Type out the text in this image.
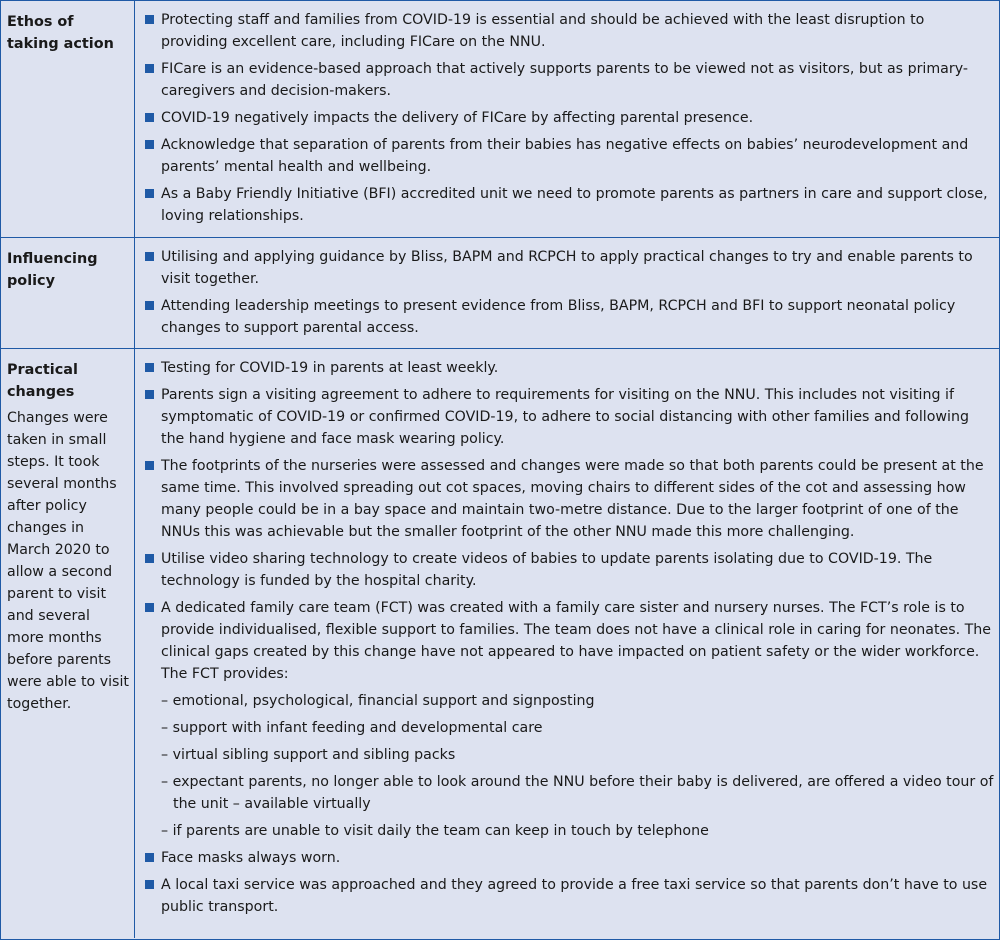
Ethos of taking action
Protecting staff and families from COVID-19 is essential and should be achieved with the least disruption to providing excellent care, including FICare on the NNU.
FICare is an evidence-based approach that actively supports parents to be viewed not as visitors, but as primary-caregivers and decision-makers.
COVID-19 negatively impacts the delivery of FICare by affecting parental presence.
Acknowledge that separation of parents from their babies has negative effects on babies’ neurodevelopment and parents’ mental health and wellbeing.
As a Baby Friendly Initiative (BFI) accredited unit we need to promote parents as partners in care and support close, loving relationships.
Influencing policy
Utilising and applying guidance by Bliss, BAPM and RCPCH to apply practical changes to try and enable parents to visit together.
Attending leadership meetings to present evidence from Bliss, BAPM, RCPCH and BFI to support neonatal policy changes to support parental access.
Practical changes
Changes were taken in small steps. It took several months after policy changes in March 2020 to allow a second parent to visit and several more months before parents were able to visit together.
Testing for COVID-19 in parents at least weekly.
Parents sign a visiting agreement to adhere to requirements for visiting on the NNU. This includes not visiting if symptomatic of COVID-19 or confirmed COVID-19, to adhere to social distancing with other families and following the hand hygiene and face mask wearing policy.
The footprints of the nurseries were assessed and changes were made so that both parents could be present at the same time. This involved spreading out cot spaces, moving chairs to different sides of the cot and assessing how many people could be in a bay space and maintain two-metre distance. Due to the larger footprint of one of the NNUs this was achievable but the smaller footprint of the other NNU made this more challenging.
Utilise video sharing technology to create videos of babies to update parents isolating due to COVID-19. The technology is funded by the hospital charity.
A dedicated family care team (FCT) was created with a family care sister and nursery nurses. The FCT’s role is to provide individualised, flexible support to families. The team does not have a clinical role in caring for neonates. The clinical gaps created by this change have not appeared to have impacted on patient safety or the wider workforce. The FCT provides:
– emotional, psychological, financial support and signposting
– support with infant feeding and developmental care
– virtual sibling support and sibling packs
– expectant parents, no longer able to look around the NNU before their baby is delivered, are offered a video tour of the unit – available virtually
– if parents are unable to visit daily the team can keep in touch by telephone
Face masks always worn.
A local taxi service was approached and they agreed to provide a free taxi service so that parents don’t have to use public transport.
